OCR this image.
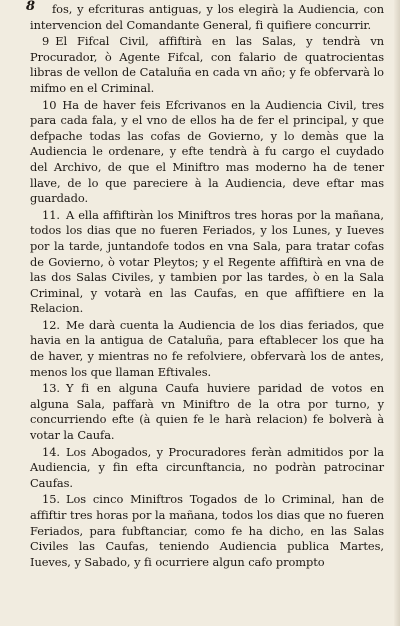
8	fos, y efcrituras antiguas, y los elegirà la Audiencia, con intervencion del Comandante General, fi quifiere concurrir.

9 El Fifcal Civil, affiftirà en las Salas, y tendrà vn Procurador, ò Agente Fifcal, con falario de quatrocientas libras de vellon de Cataluña en cada vn año; y fe obfervarà lo mifmo en el Criminal.

10 Ha de haver feis Efcrivanos en la Audiencia Civil, tres para cada fala, y el vno de ellos ha de fer el principal, y que defpache todas las cofas de Govierno, y lo demàs que la Audiencia le ordenare, y efte tendrà à fu cargo el cuydado del Archivo, de que el Miniftro mas moderno ha de tener llave, de lo que pareciere à la Audiencia, deve eftar mas guardado.

11. A ella affiftiràn los Miniftros tres horas por la mañana, todos los dias que no fueren Feriados, y los Lunes, y Iueves por la tarde, juntandofe todos en vna Sala, para tratar cofas de Govierno, ò votar Pleytos; y el Regente affiftirà en vna de las dos Salas Civiles, y tambien por las tardes, ò en la Sala Criminal, y votarà en las Caufas, en que affiftiere en la Relacion.

12. Me darà cuenta la Audiencia de los dias feriados, que havia en la antigua de Cataluña, para eftablecer los que ha de haver, y mientras no fe refolviere, obfervarà los de antes, menos los que llaman Eftivales.

13. Y fi en alguna Caufa huviere paridad de votos en alguna Sala, paffarà vn Miniftro de la otra por turno, y concurriendo efte (à quien fe le harà relacion) fe bolverà à votar la Caufa.

14. Los Abogados, y Procuradores feràn admitidos por la Audiencia, y fin efta circunftancia, no podràn patrocinar Caufas.

15. Los cinco Miniftros Togados de lo Criminal, han de affiftir tres horas por la mañana, todos los dias que no fueren Feriados, para fubftanciar, como fe ha dicho, en las Salas Civiles las Caufas, teniendo Audiencia publica Martes, Iueves, y Sabado, y fi ocurriere algun cafo prompto
